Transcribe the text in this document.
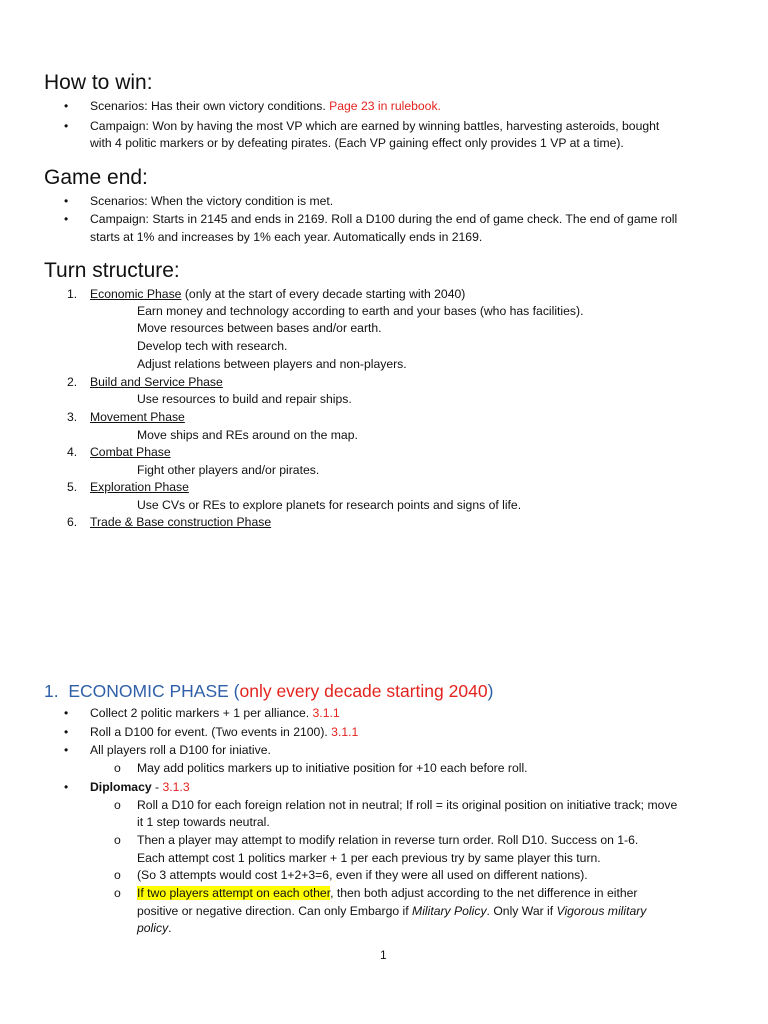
How to win:
• Scenarios: Has their own victory conditions. Page 23 in rulebook.
• Campaign: Won by having the most VP which are earned by winning battles, harvesting asteroids, bought
with 4 politic markers or by defeating pirates. (Each VP gaining effect only provides 1 VP at a time).
Game end:
• Scenarios: When the victory condition is met.
• Campaign: Starts in 2145 and ends in 2169. Roll a D100 during the end of game check. The end of game roll
starts at 1% and increases by 1% each year. Automatically ends in 2169.
Turn structure:
1. Economic Phase (only at the start of every decade starting with 2040)
Earn money and technology according to earth and your bases (who has facilities).
Move resources between bases and/or earth.
Develop tech with research.
Adjust relations between players and non-players.
2. Build and Service Phase
Use resources to build and repair ships.
3. Movement Phase
Move ships and REs around on the map.
4. Combat Phase
Fight other players and/or pirates.
5. Exploration Phase
Use CVs or REs to explore planets for research points and signs of life.
6. Trade & Base construction Phase
1. ECONOMIC PHASE (only every decade starting 2040)
• Collect 2 politic markers + 1 per alliance. 3.1.1
• Roll a D100 for event. (Two events in 2100). 3.1.1
• All players roll a D100 for iniative.
o May add politics markers up to initiative position for +10 each before roll.
• Diplomacy - 3.1.3
o Roll a D10 for each foreign relation not in neutral; If roll = its original position on initiative track; move
it 1 step towards neutral.
o Then a player may attempt to modify relation in reverse turn order. Roll D10. Success on 1-6.
Each attempt cost 1 politics marker + 1 per each previous try by same player this turn.
o (So 3 attempts would cost 1+2+3=6, even if they were all used on different nations).
o If two players attempt on each other, then both adjust according to the net difference in either
positive or negative direction. Can only Embargo if Military Policy. Only War if Vigorous military
policy.
1
